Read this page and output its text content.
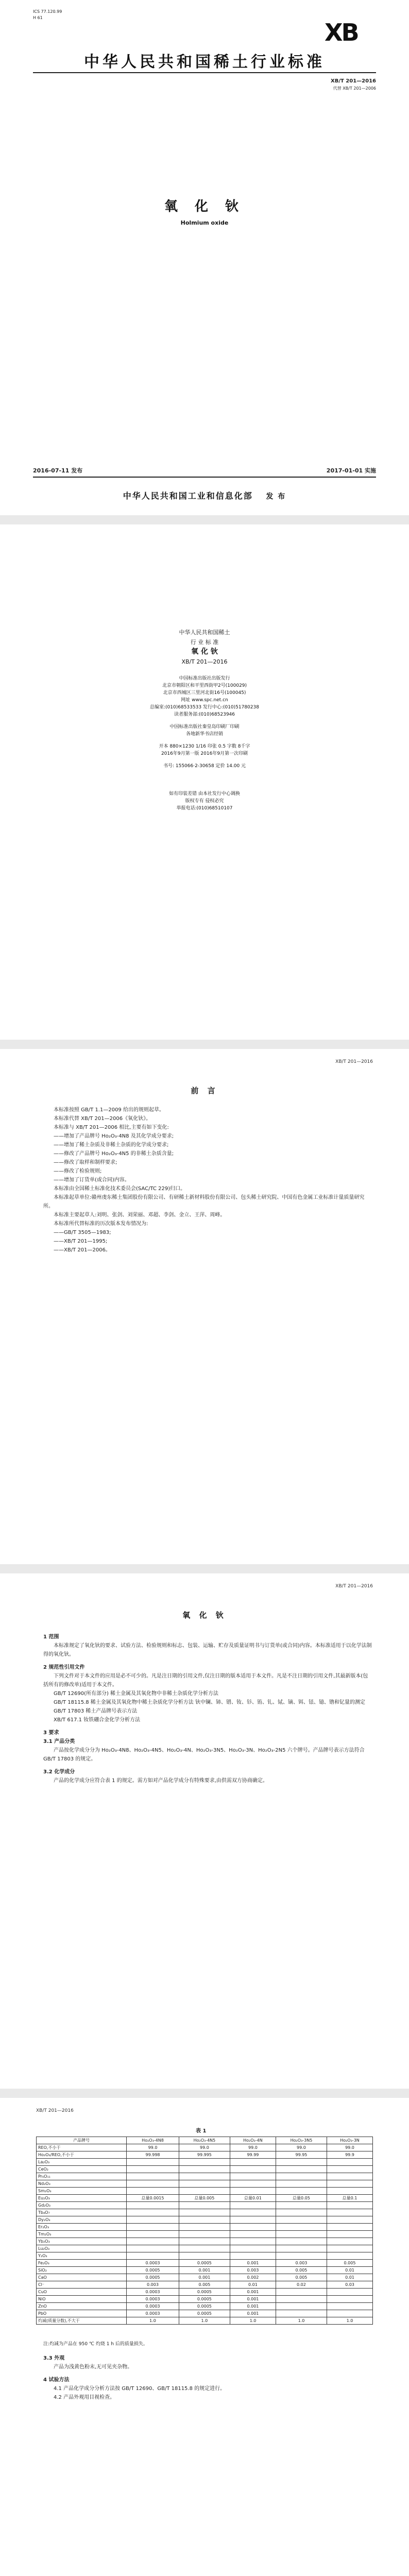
ICS 77.120.99
H 61
XB
中华人民共和国稀土行业标准
XB/T 201—2016
代替 XB/T 201—2006
氧 化 钬
Holmium oxide
2016-07-11 发布	2017-01-01 实施
中华人民共和国工业和信息化部 发 布
中华人民共和国稀土
行 业 标 准
氧 化 钬
XB/T 201—2016
中国标准出版社出版发行
北京市朝阳区和平里西街甲2号(100029)
北京市西城区三里河北街16号(100045)
网址 www.spc.net.cn
总编室:(010)68533533 发行中心:(010)51780238
读者服务部:(010)68523946
中国标准出版社秦皇岛印刷厂印刷
各地新华书店经销
开本 880×1230 1/16 印张 0.5 字数 8千字
2016年9月第一版 2016年9月第一次印刷
书号: 155066·2-30658 定价 14.00 元
如有印装差错 由本社发行中心调换
版权专有 侵权必究
举报电话:(010)68510107
XB/T 201—2016
前 言
本标准按照 GB/T 1.1—2009 给出的规则起草。
本标准代替 XB/T 201—2006《氧化钬》。
本标准与 XB/T 201—2006 相比,主要有如下变化:
——增加了产品牌号 Ho₂O₃-4N8 及其化学成分要求;
——增加了稀土杂质及非稀土杂质的化学成分要求;
——修改了产品牌号 Ho₂O₃-4N5 的非稀土杂质含量;
——修改了取样和制样要求;
——修改了检验规则;
——增加了订货单(或合同)内容。
本标准由全国稀土标准化技术委员会(SAC/TC 229)归口。
本标准起草单位:赣州虔东稀土集团股份有限公司、有研稀土新材料股份有限公司、包头稀土研究院、中国有色金属工业标准计量质量研究所。
本标准主要起草人:刘明、张剑、刘荣丽、邓超、李剑、金立、王萍、周峰。
本标准所代替标准的历次版本发布情况为:
——GB/T 3505—1983;
——XB/T 201—1995;
——XB/T 201—2006。
XB/T 201—2016
氧 化 钬
1 范围
本标准规定了氧化钬的要求、试验方法、检验规则和标志、包装、运输、贮存及质量证明书与订货单(或合同)内容。本标准适用于以化学法制得的氧化钬。
2 规范性引用文件
下列文件对于本文件的应用是必不可少的。凡是注日期的引用文件,仅注日期的版本适用于本文件。凡是不注日期的引用文件,其最新版本(包括所有的修改单)适用于本文件。
GB/T 12690(所有部分) 稀土金属及其氧化物中非稀土杂质化学分析方法
GB/T 18115.8 稀土金属及其氧化物中稀土杂质化学分析方法 钬中镧、铈、镨、钕、钐、铕、钆、铽、镝、铒、铥、镱、镥和钇量的测定
GB/T 17803 稀土产品牌号表示方法
XB/T 617.1 钕铁硼合金化学分析方法
3 要求
3.1 产品分类
产品按化学成分分为 Ho₂O₃-4N8、Ho₂O₃-4N5、Ho₂O₃-4N、Ho₂O₃-3N5、Ho₂O₃-3N、Ho₂O₃-2N5 六个牌号。产品牌号表示方法符合 GB/T 17803 的规定。
3.2 化学成分
产品的化学成分应符合表 1 的规定。需方如对产品化学成分有特殊要求,由供需双方协商确定。
XB/T 201—2016
表 1
产品牌号	Ho₂O₃-4N8	Ho₂O₃-4N5	Ho₂O₃-4N	Ho₂O₃-3N5	Ho₂O₃-3N
REO,不小于	99.0	99.0	99.0	99.0	99.0
Ho₂O₃/REO,不小于	99.998	99.995	99.99	99.95	99.9
La₂O₃					
CeO₂					
Pr₆O₁₁					
Nd₂O₃					
Sm₂O₃					
Eu₂O₃	总量0.0015	总量0.005	总量0.01	总量0.05	总量0.1
Gd₂O₃					
Tb₄O₇					
Dy₂O₃					
Er₂O₃					
Tm₂O₃					
Yb₂O₃					
Lu₂O₃					
Y₂O₃					
Fe₂O₃	0.0003	0.0005	0.001	0.003	0.005
SiO₂	0.0005	0.001	0.003	0.005	0.01
CaO	0.0005	0.001	0.002	0.005	0.01
Cl⁻	0.003	0.005	0.01	0.02	0.03
CuO	0.0003	0.0005	0.001		
NiO	0.0003	0.0005	0.001		
ZnO	0.0003	0.0005	0.001		
PbO	0.0003	0.0005	0.001		
灼减(质量分数),不大于	1.0	1.0	1.0	1.0	1.0
注:灼减为产品在 950 ℃ 灼烧 1 h 后的质量损失。
3.3 外观
产品为浅黄色粉末,无可见夹杂物。
4 试验方法
4.1 产品化学成分分析方法按 GB/T 12690、GB/T 18115.8 的规定进行。
4.2 产品外观用目视检查。
